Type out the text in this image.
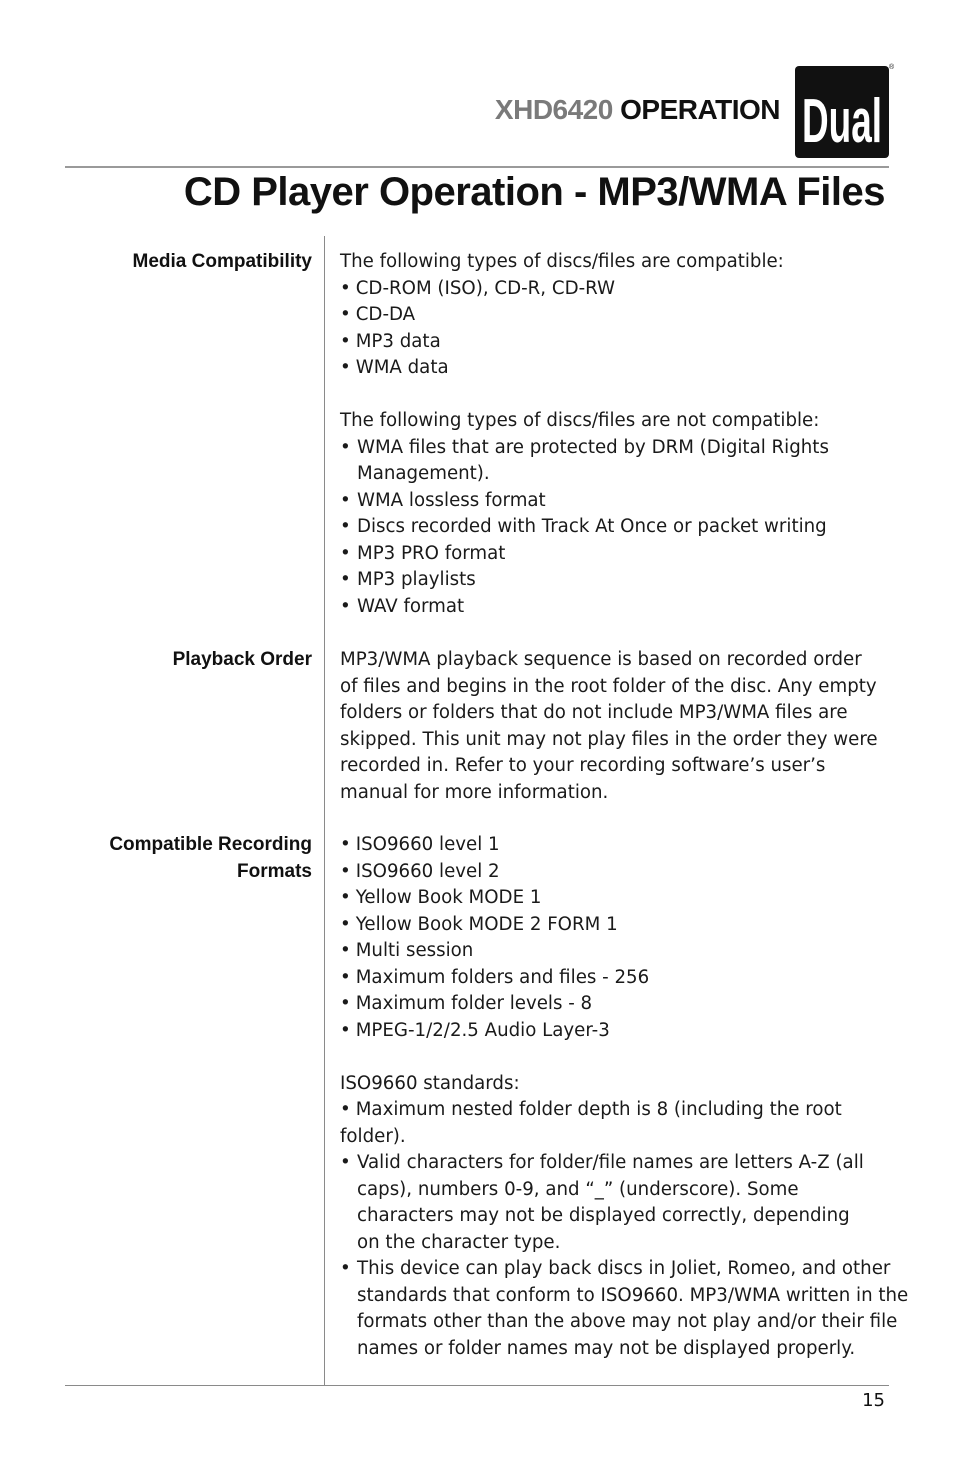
XHD6420 OPERATION Dual
®
CD Player Operation - MP3/WMA Files
Media Compatibility The following types of discs/files are compatible:

• CD-ROM (ISO), CD-R, CD-RW
• CD-DA
• MP3 data
• WMA data

The following types of discs/files are not compatible:

• WMA files that are protected by DRM (Digital Rights Management).
• WMA lossless format
• Discs recorded with Track At Once or packet writing
• MP3 PRO format
• MP3 playlists
• WAV format
Playback Order MP3/WMA playback sequence is based on recorded order of files and begins in the root folder of the disc. Any empty folders or folders that do not include MP3/WMA files are skipped. This unit may not play files in the order they were recorded in. Refer to your recording software’s user’s manual for more information.

Compatible Recording
Formats
• ISO9660 level 1
• ISO9660 level 2
• Yellow Book MODE 1
• Yellow Book MODE 2 FORM 1
• Multi session
• Maximum folders and files - 256
• Maximum folder levels - 8
• MPEG-1/2/2.5 Audio Layer-3

ISO9660 standards:

• Maximum nested folder depth is 8 (including the root folder).
• Valid characters for folder/file names are letters A-Z (all caps), numbers 0-9, and “_” (underscore). Some characters may not be displayed correctly, depending on the character type.
• This device can play back discs in Joliet, Romeo, and other standards that conform to ISO9660. MP3/WMA written in the formats other than the above may not play and/or their file names or folder names may not be displayed properly.
15
